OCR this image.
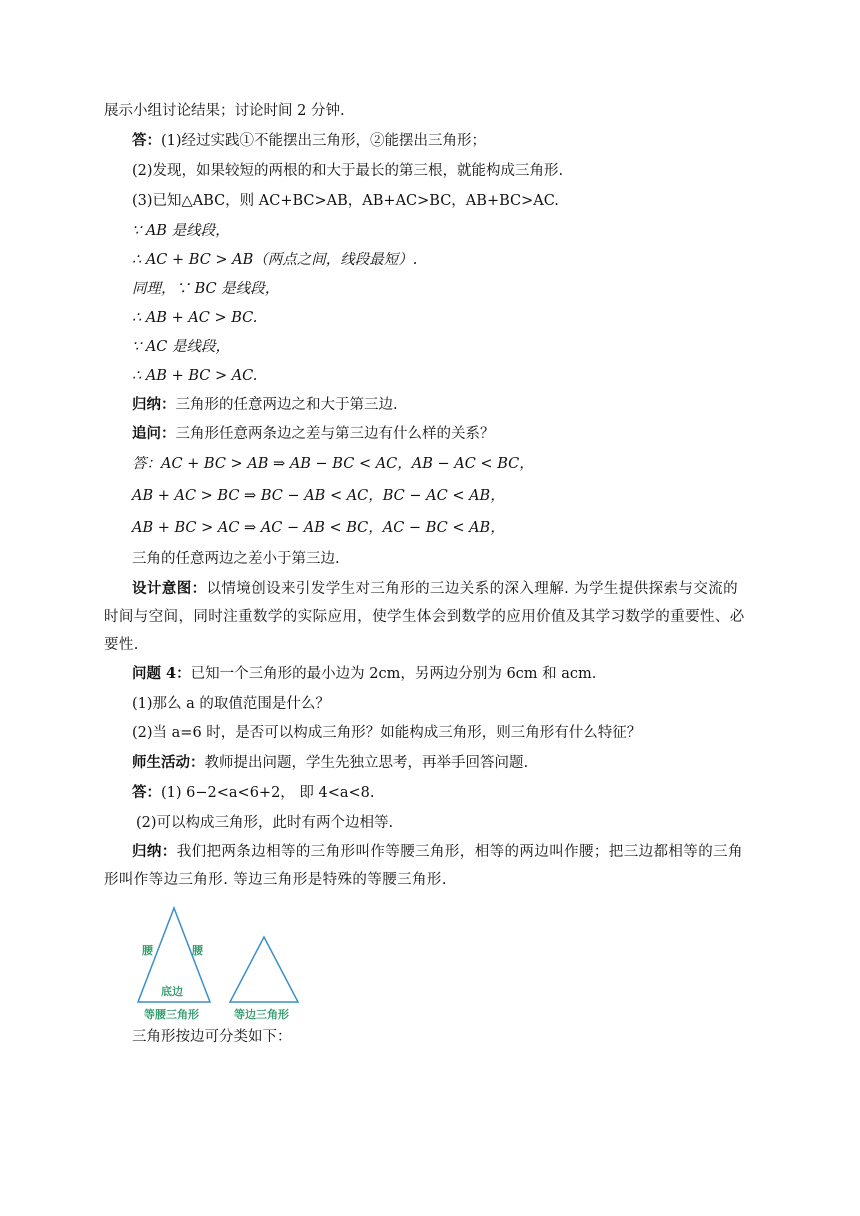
展示小组讨论结果；讨论时间 2 分钟.
答：(1)经过实践①不能摆出三角形，②能摆出三角形；
(2)发现，如果较短的两根的和大于最长的第三根，就能构成三角形.
(3)已知△ABC，则 AC+BC>AB，AB+AC>BC，AB+BC>AC.
∵ AB 是线段，
∴ AC + BC > AB（两点之间，线段最短）.
同理，∵ BC 是线段，
∴ AB + AC > BC.
∵ AC 是线段，
∴ AB + BC > AC.
归纳：三角形的任意两边之和大于第三边.
追问：三角形任意两条边之差与第三边有什么样的关系？
答：AC + BC > AB ⇒ AB − BC < AC，AB − AC < BC，
AB + AC > BC ⇒ BC − AB < AC，BC − AC < AB，
AB + BC > AC ⇒ AC − AB < BC，AC − BC < AB，
三角的任意两边之差小于第三边.
设计意图：以情境创设来引发学生对三角形的三边关系的深入理解. 为学生提供探索与交流的时间与空间，同时注重数学的实际应用，使学生体会到数学的应用价值及其学习数学的重要性、必要性.
问题 4：已知一个三角形的最小边为 2cm，另两边分别为 6cm 和 acm.
(1)那么 a 的取值范围是什么？
(2)当 a=6 时，是否可以构成三角形？如能构成三角形，则三角形有什么特征？
师生活动：教师提出问题，学生先独立思考，再举手回答问题.
答：(1) 6−2<a<6+2， 即 4<a<8.
(2)可以构成三角形，此时有两个边相等.
归纳：我们把两条边相等的三角形叫作等腰三角形，相等的两边叫作腰；把三边都相等的三角形叫作等边三角形. 等边三角形是特殊的等腰三角形.
腰	腰
底边
等腰三角形	等边三角形
三角形按边可分类如下：
